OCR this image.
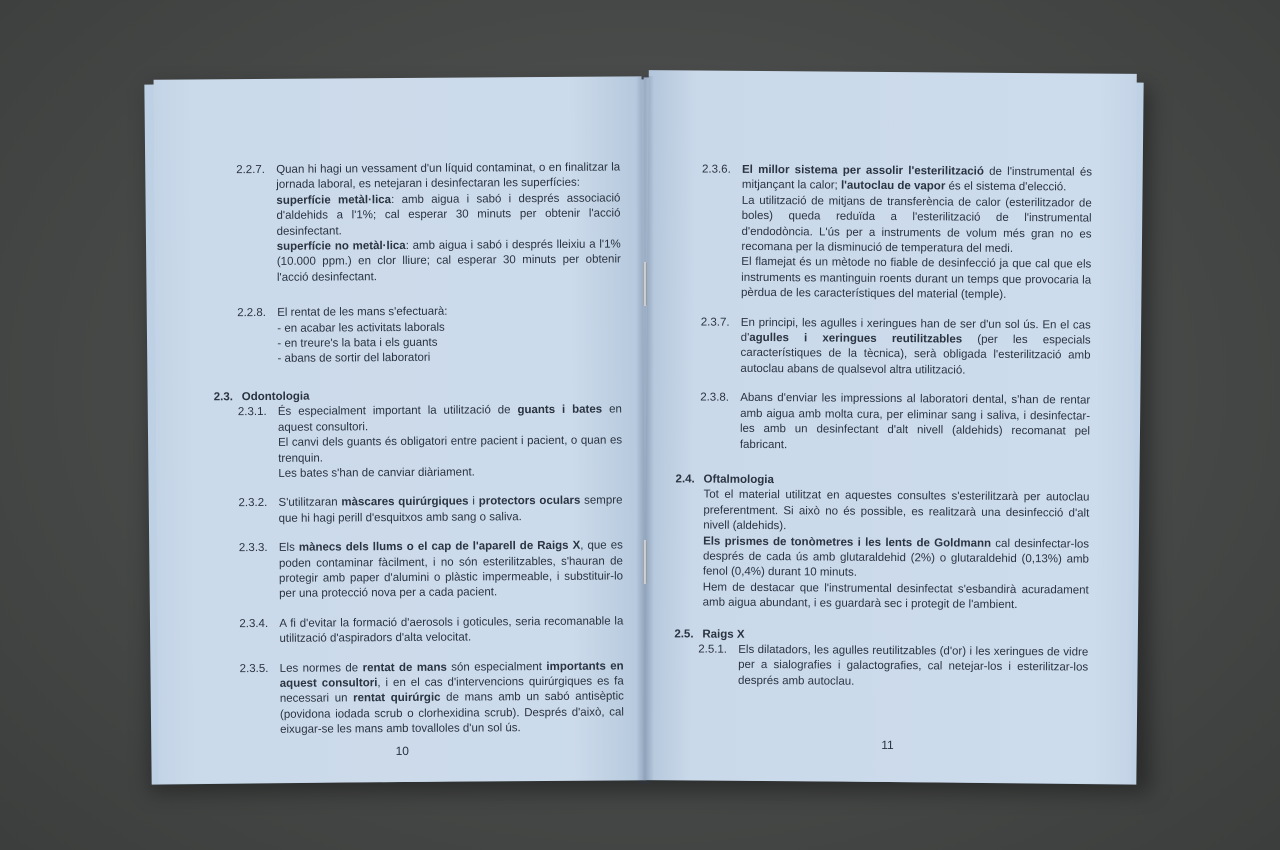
2.2.7. Quan hi hagi un vessament d'un líquid contaminat, o en finalitzar la jornada laboral, es netejaran i desinfectaran les superfícies:

superfície metàl·lica: amb aigua i sabó i després associació d'aldehids a l'1%; cal esperar 30 minuts per obtenir l'acció desinfectant.

superfície no metàl·lica: amb aigua i sabó i després lleixiu a l'1% (10.000 ppm.) en clor lliure; cal esperar 30 minuts per obtenir l'acció desinfectant.

2.2.8. El rentat de les mans s'efectuarà:

- en acabar les activitats laborals

- en treure's la bata i els guants

- abans de sortir del laboratori

2.3. Odontologia
2.3.1. És especialment important la utilització de guants i bates en aquest consultori.

El canvi dels guants és obligatori entre pacient i pacient, o quan es trenquin.

Les bates s'han de canviar diàriament.

2.3.2. S'utilitzaran màscares quirúrgiques i protectors oculars sempre que hi hagi perill d'esquitxos amb sang o saliva.

2.3.3. Els mànecs dels llums o el cap de l'aparell de Raigs X, que es poden contaminar fàcilment, i no són esterilitzables, s'hauran de protegir amb paper d'alumini o plàstic impermeable, i substituir-lo per una protecció nova per a cada pacient.

2.3.4. A fi d'evitar la formació d'aerosols i goticules, seria recomanable la utilització d'aspiradors d'alta velocitat.

2.3.5. Les normes de rentat de mans són especialment importants en aquest consultori, i en el cas d'intervencions quirúrgiques es fa necessari un rentat quirúrgic de mans amb un sabó antisèptic (povidona iodada scrub o clorhexidina scrub). Després d'això, cal eixugar-se les mans amb tovalloles d'un sol ús.

10
2.3.6. El millor sistema per assolir l'esterilització de l'instrumental és mitjançant la calor; l'autoclau de vapor és el sistema d'elecció.

La utilització de mitjans de transferència de calor (esterilitzador de boles) queda reduïda a l'esterilització de l'instrumental d'endodòncia. L'ús per a instruments de volum més gran no es recomana per la disminució de temperatura del medi.

El flamejat és un mètode no fiable de desinfecció ja que cal que els instruments es mantinguin roents durant un temps que provocaria la pèrdua de les característiques del material (temple).

2.3.7. En principi, les agulles i xeringues han de ser d'un sol ús. En el cas d'agulles i xeringues reutilitzables (per les especials característiques de la tècnica), serà obligada l'esterilització amb autoclau abans de qualsevol altra utilització.

2.3.8. Abans d'enviar les impressions al laboratori dental, s'han de rentar amb aigua amb molta cura, per eliminar sang i saliva, i desinfectar-les amb un desinfectant d'alt nivell (aldehids) recomanat pel fabricant.

2.4. Oftalmologia

Tot el material utilitzat en aquestes consultes s'esterilitzarà per autoclau preferentment. Si això no és possible, es realitzarà una desinfecció d'alt nivell (aldehids).

Els prismes de tonòmetres i les lents de Goldmann cal desinfectar-los després de cada ús amb glutaraldehid (2%) o glutaraldehid (0,13%) amb fenol (0,4%) durant 10 minuts.

Hem de destacar que l'instrumental desinfectat s'esbandirà acuradament amb aigua abundant, i es guardarà sec i protegit de l'ambient.

2.5. Raigs X
2.5.1. Els dilatadors, les agulles reutilitzables (d'or) i les xeringues de vidre per a sialografies i galactografies, cal netejar-los i esterilitzar-los després amb autoclau.

11
